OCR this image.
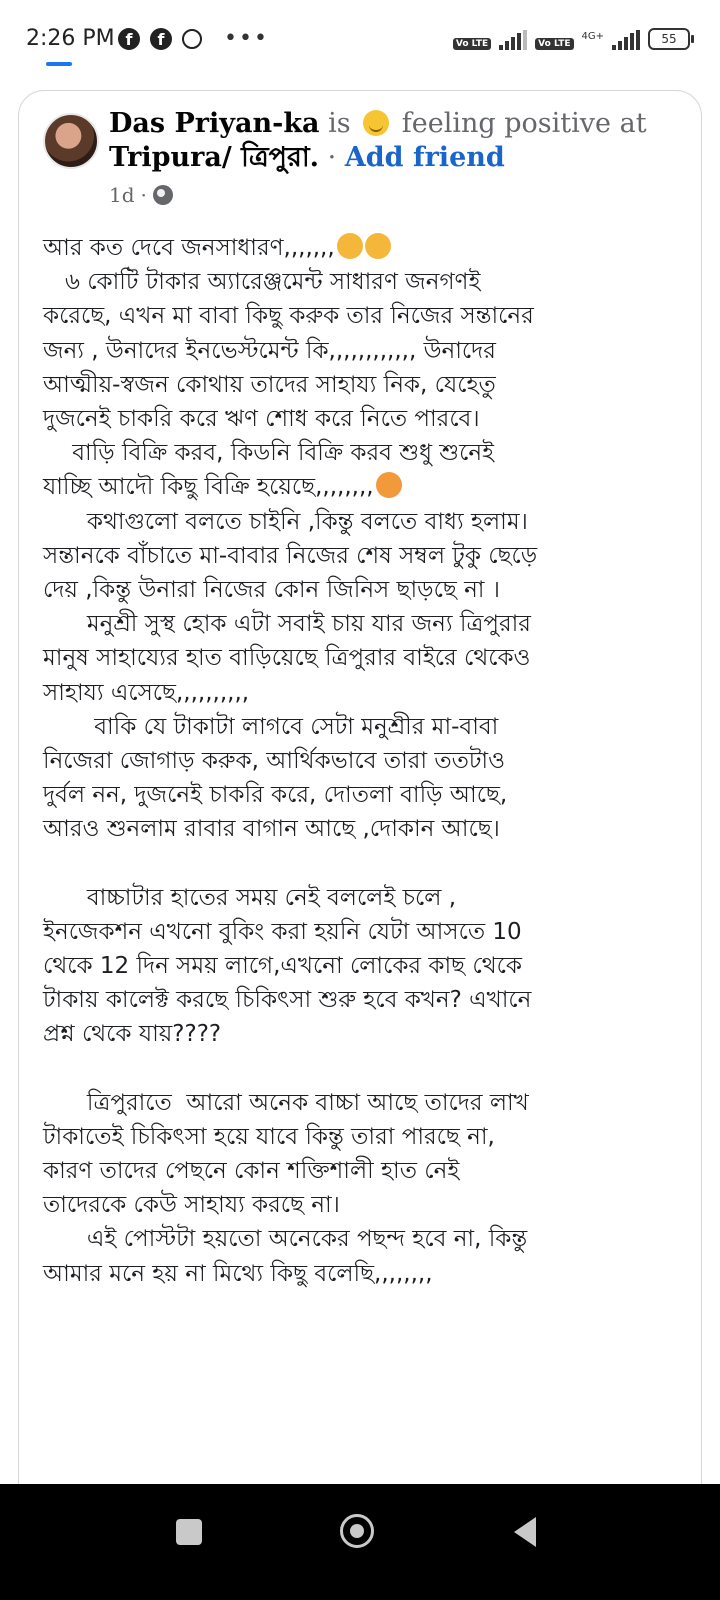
2:26 PM f	f	•••	Vo LTE	Vo LTE
4G+	55
Das Priyan-ka is feeling positive at Tripura/ ত্রিপুরা. · Add friend
1d ·

আর কত দেবে জনসাধারণ,,,,,,,

৬ কোটি টাকার অ্যারেঞ্জমেন্ট সাধারণ জনগণই

করেছে, এখন মা বাবা কিছু করুক তার নিজের সন্তানের

জন্য , উনাদের ইনভেস্টমেন্ট কি,,,,,,,,,,,, উনাদের

আত্মীয়-স্বজন কোথায় তাদের সাহায্য নিক, যেহেতু

দুজনেই চাকরি করে ঋণ শোধ করে নিতে পারবে।

বাড়ি বিক্রি করব, কিডনি বিক্রি করব শুধু শুনেই

যাচ্ছি আদৌ কিছু বিক্রি হয়েছে,,,,,,,,

কথাগুলো বলতে চাইনি ,কিন্তু বলতে বাধ্য হলাম।

সন্তানকে বাঁচাতে মা-বাবার নিজের শেষ সম্বল টুকু ছেড়ে

দেয় ,কিন্তু উনারা নিজের কোন জিনিস ছাড়ছে না ।

মনুশ্রী সুস্থ হোক এটা সবাই চায় যার জন্য ত্রিপুরার

মানুষ সাহায্যের হাত বাড়িয়েছে ত্রিপুরার বাইরে থেকেও

সাহায্য এসেছে,,,,,,,,,,

বাকি যে টাকাটা লাগবে সেটা মনুশ্রীর মা-বাবা

নিজেরা জোগাড় করুক, আর্থিকভাবে তারা ততটাও

দুর্বল নন, দুজনেই চাকরি করে, দোতলা বাড়ি আছে,

আরও শুনলাম রাবার বাগান আছে ,দোকান আছে।

বাচ্চাটার হাতের সময় নেই বললেই চলে ,

ইনজেকশন এখনো বুকিং করা হয়নি যেটা আসতে 10

থেকে 12 দিন সময় লাগে,এখনো লোকের কাছ থেকে

টাকায় কালেক্ট করছে চিকিৎসা শুরু হবে কখন? এখানে

প্রশ্ন থেকে যায়????

ত্রিপুরাতে  আরো অনেক বাচ্চা আছে তাদের লাখ

টাকাতেই চিকিৎসা হয়ে যাবে কিন্তু তারা পারছে না,

কারণ তাদের পেছনে কোন শক্তিশালী হাত নেই

তাদেরকে কেউ সাহায্য করছে না।

এই পোস্টটা হয়তো অনেকের পছন্দ হবে না, কিন্তু

আমার মনে হয় না মিথ্যে কিছু বলেছি,,,,,,,,
